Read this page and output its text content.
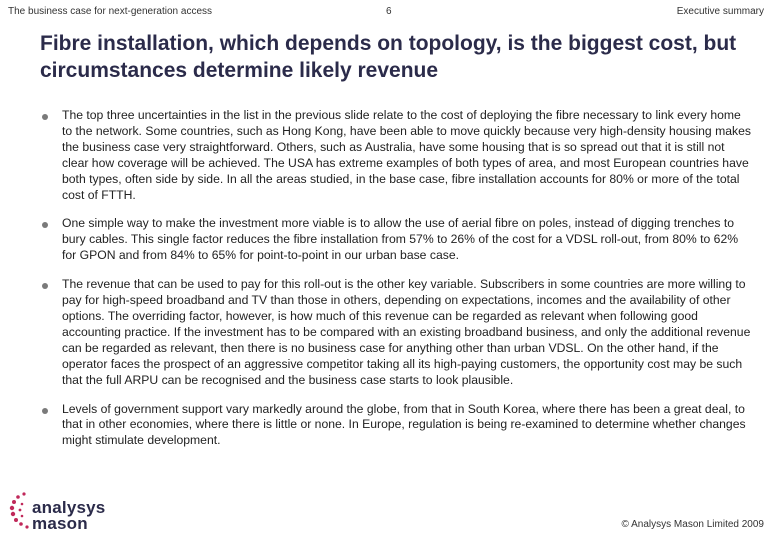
The business case for next-generation access	6	Executive summary
Fibre installation, which depends on topology, is the biggest cost, but circumstances determine likely revenue
The top three uncertainties in the list in the previous slide relate to the cost of deploying the fibre necessary to link every home to the network. Some countries, such as Hong Kong, have been able to move quickly because very high-density housing makes the business case very straightforward. Others, such as Australia, have some housing that is so spread out that it is still not clear how coverage will be achieved. The USA has extreme examples of both types of area, and most European countries have both types, often side by side. In all the areas studied, in the base case, fibre installation accounts for 80% or more of the total cost of FTTH.
One simple way to make the investment more viable is to allow the use of aerial fibre on poles, instead of digging trenches to bury cables. This single factor reduces the fibre installation from 57% to 26% of the cost for a VDSL roll-out, from 80% to 62% for GPON and from 84% to 65% for point-to-point in our urban base case.
The revenue that can be used to pay for this roll-out is the other key variable. Subscribers in some countries are more willing to pay for high-speed broadband and TV than those in others, depending on expectations, incomes and the availability of other options. The overriding factor, however, is how much of this revenue can be regarded as relevant when following good accounting practice. If the investment has to be compared with an existing broadband business, and only the additional revenue can be regarded as relevant, then there is no business case for anything other than urban VDSL. On the other hand, if the operator faces the prospect of an aggressive competitor taking all its high-paying customers, the opportunity cost may be such that the full ARPU can be recognised and the business case starts to look plausible.
Levels of government support vary markedly around the globe, from that in South Korea, where there has been a great deal, to that in other economies, where there is little or none. In Europe, regulation is being re-examined to determine whether changes might stimulate development.
analysys
mason	© Analysys Mason Limited 2009
